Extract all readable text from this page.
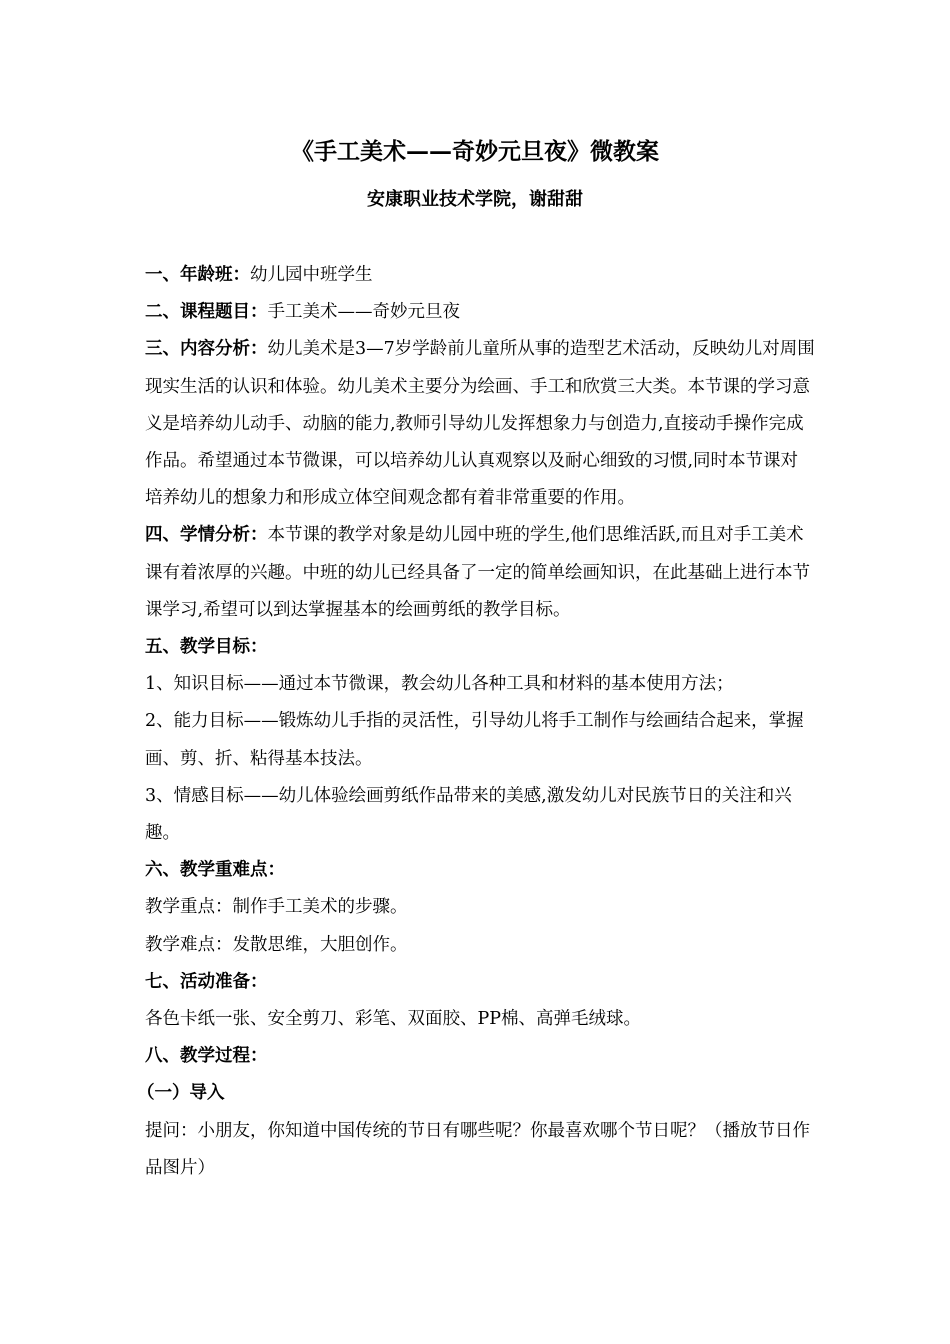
《手工美术——奇妙元旦夜》微教案
安康职业技术学院，谢甜甜

一、年龄班：幼儿园中班学生

二、课程题目：手工美术——奇妙元旦夜

三、内容分析：幼儿美术是3—7岁学龄前儿童所从事的造型艺术活动，反映幼儿对周围现实生活的认识和体验。幼儿美术主要分为绘画、手工和欣赏三大类。本节课的学习意义是培养幼儿动手、动脑的能力,教师引导幼儿发挥想象力与创造力,直接动手操作完成作品。希望通过本节微课，可以培养幼儿认真观察以及耐心细致的习惯,同时本节课对培养幼儿的想象力和形成立体空间观念都有着非常重要的作用。

四、学情分析：本节课的教学对象是幼儿园中班的学生,他们思维活跃,而且对手工美术课有着浓厚的兴趣。中班的幼儿已经具备了一定的简单绘画知识，在此基础上进行本节课学习,希望可以到达掌握基本的绘画剪纸的教学目标。

五、教学目标：

1、知识目标——通过本节微课，教会幼儿各种工具和材料的基本使用方法；

2、能力目标——锻炼幼儿手指的灵活性，引导幼儿将手工制作与绘画结合起来，掌握画、剪、折、粘得基本技法。

3、情感目标——幼儿体验绘画剪纸作品带来的美感,激发幼儿对民族节日的关注和兴趣。

六、教学重难点：

教学重点：制作手工美术的步骤。

教学难点：发散思维，大胆创作。

七、活动准备：

各色卡纸一张、安全剪刀、彩笔、双面胶、PP棉、高弹毛绒球。

八、教学过程：

（一）导入

提问：小朋友，你知道中国传统的节日有哪些呢？你最喜欢哪个节日呢？（播放节日作品图片）
